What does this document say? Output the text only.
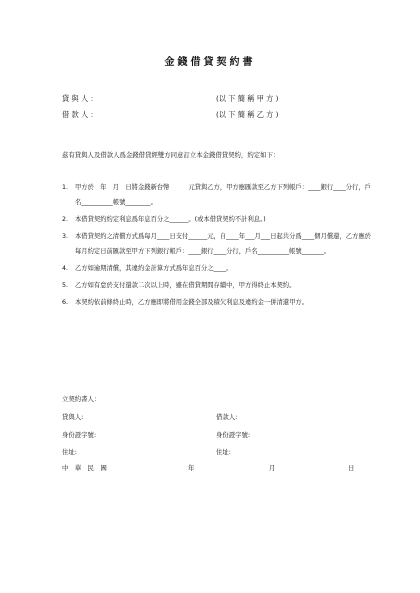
金錢借貸契約書
貸 與 人 ：	(以 下 簡 稱 甲 方 )
借 款 人 ：	(以 下 簡 稱 乙 方 )
茲有貸與人及借款人爲金錢借貸經雙方同意訂立本金錢借貸契約，約定如下：
1. 甲方於　年　月　日將金錢新台幣　　　元貸與乙方，甲方應匯款至乙方下列帳戶：____銀行____分行，戶名__________帳號________。
2. 本借貸契約約定利息爲年息百分之______。(或本借貸契約不計利息。)
3. 本借貸契約之清償方式爲每月____日支付______元，自____年___月___日起共分爲____個月償還，乙方應於每月約定日前匯款至甲方下列銀行帳戶：____銀行____分行，戶名__________帳號_______。
4. 乙方如逾期清償，其違約金計算方式爲年息百分之____。
5. 乙方如有怠於支付還款二次以上時，雖在借貸期間存續中，甲方得終止本契約。
6. 本契約依前條終止時，乙方應即將借用金錢全部及積欠利息及違約金一併清還甲方。
立契約書人：
貸與人:	借款人:
身份證字號:	身份證字號:
住址:	住址:
中　華　民　國	年	月	日
